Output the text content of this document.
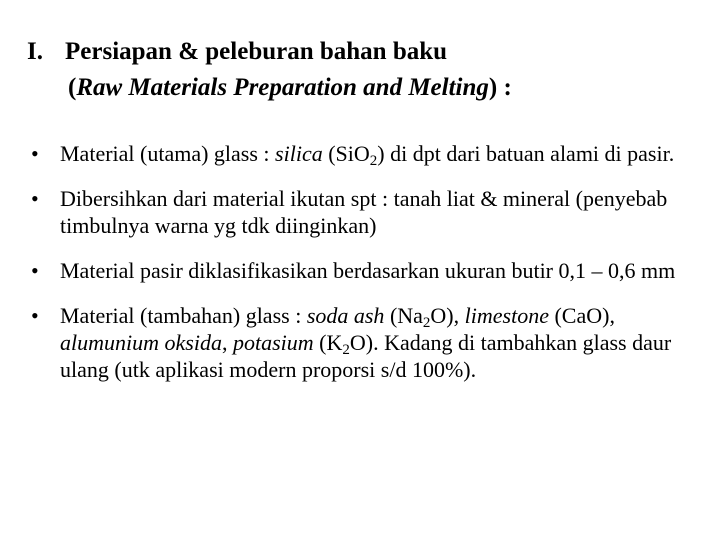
I. Persiapan & peleburan bahan baku
(Raw Materials Preparation and Melting) :
• Material (utama) glass : silica (SiO$_2$) di dpt dari batuan alami di pasir.
• Dibersihkan dari material ikutan spt : tanah liat & mineral (penyebab timbulnya warna yg tdk diinginkan)
• Material pasir diklasifikasikan berdasarkan ukuran butir 0,1 – 0,6 mm
• Material (tambahan) glass : soda ash $(Na_2O)$, limestone (CaO), alumunium oksida, potasium $(K_2O)$. Kadang di tambahkan glass daur ulang (utk aplikasi modern proporsi s/d 100%).
